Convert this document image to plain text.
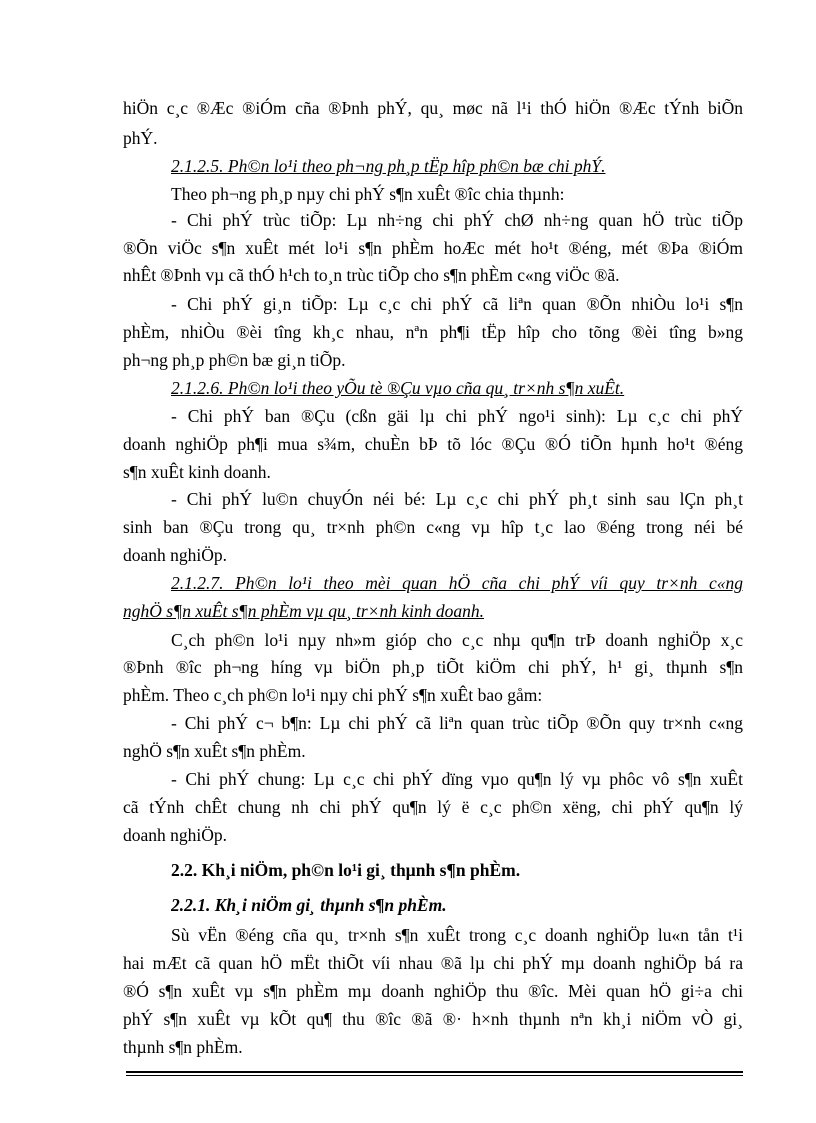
hiÖn c¸c ®Æc ®iÓm cña ®Þnh phÝ, qu¸ møc nã l¹i thÓ hiÖn ®Æc tÝnh biÕn
phÝ.
2.1.2.5. Ph©n lo¹i theo ph¬ng ph¸p tËp hîp ph©n bæ chi phÝ.
Theo ph¬ng ph¸p nµy chi phÝ s¶n xuÊt ®îc chia thµnh:
- Chi phÝ trùc tiÕp: Lµ nh÷ng chi phÝ chØ nh÷ng quan hÖ trùc tiÕp
®Õn viÖc s¶n xuÊt mét lo¹i s¶n phÈm hoÆc mét ho¹t ®éng, mét ®Þa ®iÓm
nhÊt ®Þnh vµ cã thÓ h¹ch to¸n trùc tiÕp cho s¶n phÈm c«ng viÖc ®ã.
- Chi phÝ gi¸n tiÕp: Lµ c¸c chi phÝ cã liªn quan ®Õn nhiÒu lo¹i s¶n
phÈm, nhiÒu ®èi tîng kh¸c nhau, nªn ph¶i tËp hîp cho tõng ®èi tîng b»ng
ph¬ng ph¸p ph©n bæ gi¸n tiÕp.
2.1.2.6. Ph©n lo¹i theo yÕu tè ®Çu vµo cña qu¸ tr×nh s¶n xuÊt.
- Chi phÝ ban ®Çu (cßn gäi lµ chi phÝ ngo¹i sinh): Lµ c¸c chi phÝ
doanh nghiÖp ph¶i mua s¾m, chuÈn bÞ tõ lóc ®Çu ®Ó tiÕn hµnh ho¹t ®éng
s¶n xuÊt kinh doanh.
- Chi phÝ lu©n chuyÓn néi bé: Lµ c¸c chi phÝ ph¸t sinh sau lÇn ph¸t
sinh ban ®Çu trong qu¸ tr×nh ph©n c«ng vµ hîp t¸c lao ®éng trong néi bé
doanh nghiÖp.
2.1.2.7. Ph©n lo¹i theo mèi quan hÖ cña chi phÝ víi quy tr×nh c«ng
nghÖ s¶n xuÊt s¶n phÈm vµ qu¸ tr×nh kinh doanh.
C¸ch ph©n lo¹i nµy nh»m gióp cho c¸c nhµ qu¶n trÞ doanh nghiÖp x¸c
®Þnh ®îc ph¬ng híng vµ biÖn ph¸p tiÕt kiÖm chi phÝ, h¹ gi¸ thµnh s¶n
phÈm. Theo c¸ch ph©n lo¹i nµy chi phÝ s¶n xuÊt bao gåm:
- Chi phÝ c¬ b¶n: Lµ chi phÝ cã liªn quan trùc tiÕp ®Õn quy tr×nh c«ng
nghÖ s¶n xuÊt s¶n phÈm.
- Chi phÝ chung: Lµ c¸c chi phÝ dïng vµo qu¶n lý vµ phôc vô s¶n xuÊt
cã tÝnh chÊt chung nh chi phÝ qu¶n lý ë c¸c ph©n xëng, chi phÝ qu¶n lý
doanh nghiÖp.
2.2. Kh¸i niÖm, ph©n lo¹i gi¸ thµnh s¶n phÈm.
2.2.1. Kh¸i niÖm gi¸ thµnh s¶n phÈm.
Sù vËn ®éng cña qu¸ tr×nh s¶n xuÊt trong c¸c doanh nghiÖp lu«n tån t¹i
hai mÆt cã quan hÖ mËt thiÕt víi nhau ®ã lµ chi phÝ mµ doanh nghiÖp bá ra
®Ó s¶n xuÊt vµ s¶n phÈm mµ doanh nghiÖp thu ®îc. Mèi quan hÖ gi÷a chi
phÝ s¶n xuÊt vµ kÕt qu¶ thu ®îc ®ã ®· h×nh thµnh nªn kh¸i niÖm vÒ gi¸
thµnh s¶n phÈm.
